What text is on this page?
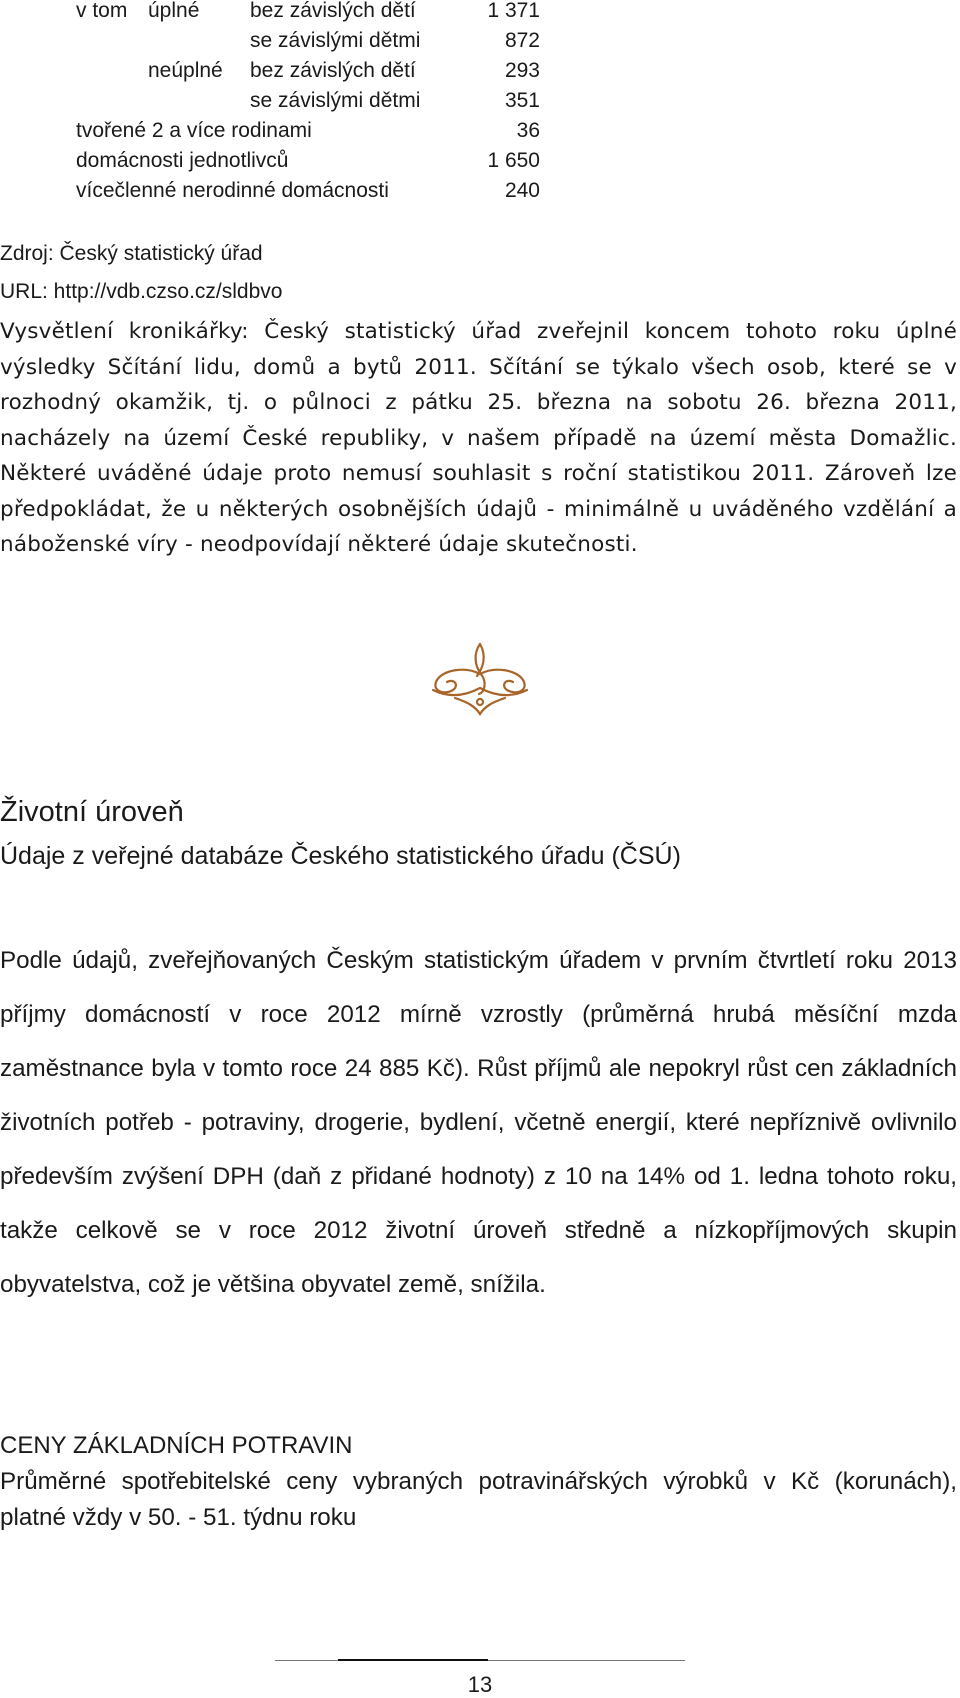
v tom úplné bez závislých dětí	1 371
se závislými dětmi	872
neúplné bez závislých dětí	293
se závislými dětmi	351
tvořené 2 a více rodinami	36
domácnosti jednotlivců	1 650
vícečlenné nerodinné domácnosti	240
Zdroj: Český statistický úřad
URL: http://vdb.czso.cz/sldbvo
Vysvětlení kronikářky: Český statistický úřad zveřejnil koncem tohoto roku úplné výsledky Sčítání lidu, domů a bytů 2011. Sčítání se týkalo všech osob, které se v rozhodný okamžik, tj. o půlnoci z pátku 25. března na sobotu 26. března 2011, nacházely na území České republiky, v našem případě na území města Domažlic. Některé uváděné údaje proto nemusí souhlasit s roční statistikou 2011. Zároveň lze předpokládat, že u některých osobnějších údajů - minimálně u uváděného vzdělání a náboženské víry - neodpovídají některé údaje skutečnosti.
Životní úroveň
Údaje z veřejné databáze Českého statistického úřadu (ČSÚ)
Podle údajů, zveřejňovaných Českým statistickým úřadem v prvním čtvrtletí roku 2013 příjmy domácností v roce 2012 mírně vzrostly (průměrná hrubá měsíční mzda zaměstnance byla v tomto roce 24 885 Kč). Růst příjmů ale nepokryl růst cen základních životních potřeb - potraviny, drogerie, bydlení, včetně energií, které nepříznivě ovlivnilo především zvýšení DPH (daň z přidané hodnoty) z 10 na 14% od 1. ledna tohoto roku, takže celkově se v roce 2012 životní úroveň středně a nízkopříjmových skupin obyvatelstva, což je většina obyvatel země, snížila.
CENY ZÁKLADNÍCH POTRAVIN
Průměrné spotřebitelské ceny vybraných potravinářských výrobků v Kč (korunách), platné vždy v 50. - 51. týdnu roku
13
